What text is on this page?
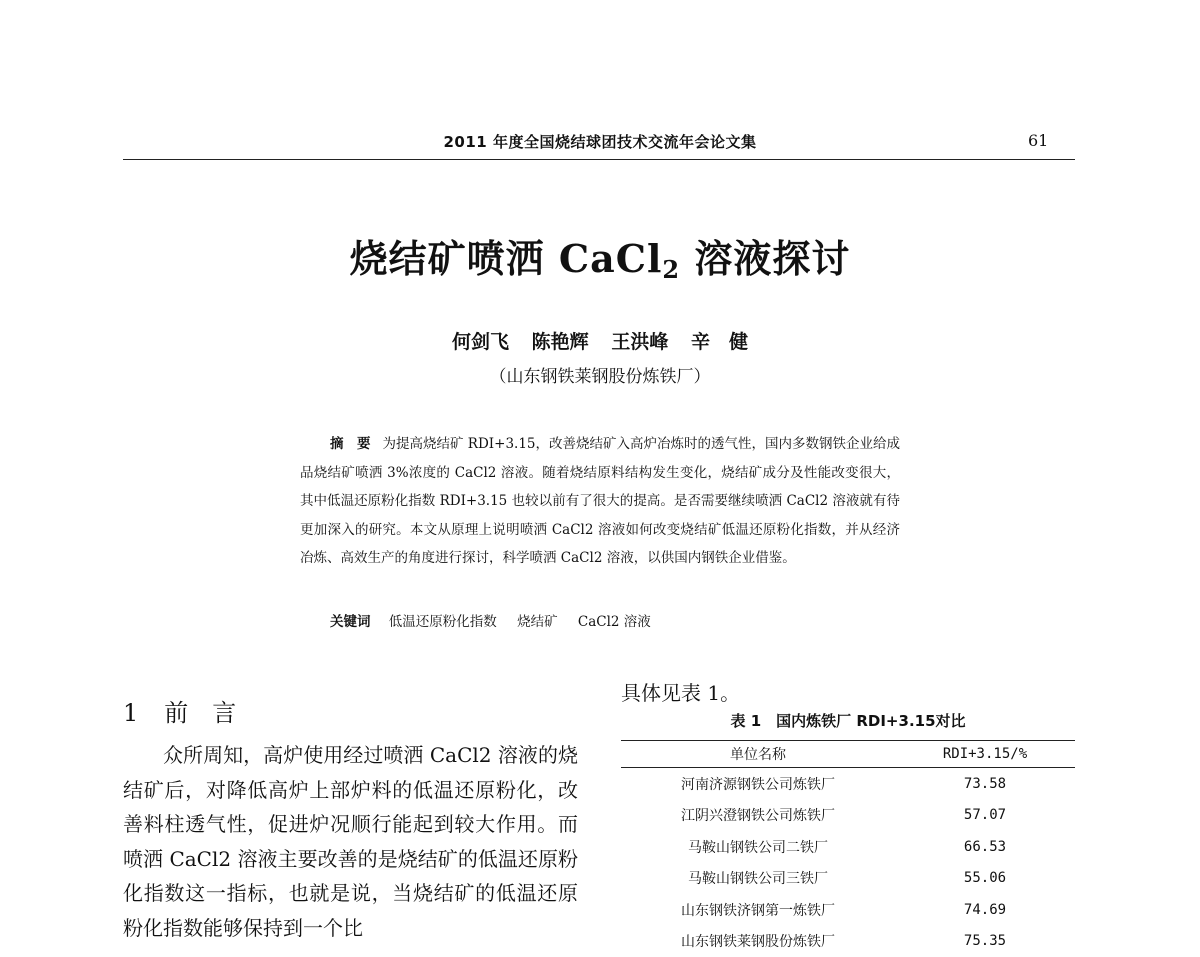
2011 年度全国烧结球团技术交流年会论文集	61
烧结矿喷洒 CaCl$_2$ 溶液探讨
何剑飞 陈艳辉 王洪峰 辛　健
（山东钢铁莱钢股份炼铁厂）
摘　要 为提高烧结矿 RDI+3.15，改善烧结矿入高炉冶炼时的透气性，国内多数钢铁企业给成品烧结矿喷洒 3%浓度的 CaCl2 溶液。随着烧结原料结构发生变化，烧结矿成分及性能改变很大，其中低温还原粉化指数 RDI+3.15 也较以前有了很大的提高。是否需要继续喷洒 CaCl2 溶液就有待更加深入的研究。本文从原理上说明喷洒 CaCl2 溶液如何改变烧结矿低温还原粉化指数，并从经济冶炼、高效生产的角度进行探讨，科学喷洒 CaCl2 溶液，以供国内钢铁企业借鉴。
关键词 低温还原粉化指数 烧结矿 CaCl2 溶液
1 前言
众所周知，高炉使用经过喷洒 CaCl2 溶液的烧结矿后，对降低高炉上部炉料的低温还原粉化，改善料柱透气性，促进炉况顺行能起到较大作用。而喷洒 CaCl2 溶液主要改善的是烧结矿的低温还原粉化指数这一指标，也就是说，当烧结矿的低温还原粉化指数能够保持到一个比
具体见表 1。
表 1　国内炼铁厂 RDI+3.15对比
单位名称	RDI+3.15/%
河南济源钢铁公司炼铁厂	73.58
江阴兴澄钢铁公司炼铁厂	57.07
马鞍山钢铁公司二铁厂	66.53
马鞍山钢铁公司三铁厂	55.06
山东钢铁济钢第一炼铁厂	74.69
山东钢铁莱钢股份炼铁厂	75.35
